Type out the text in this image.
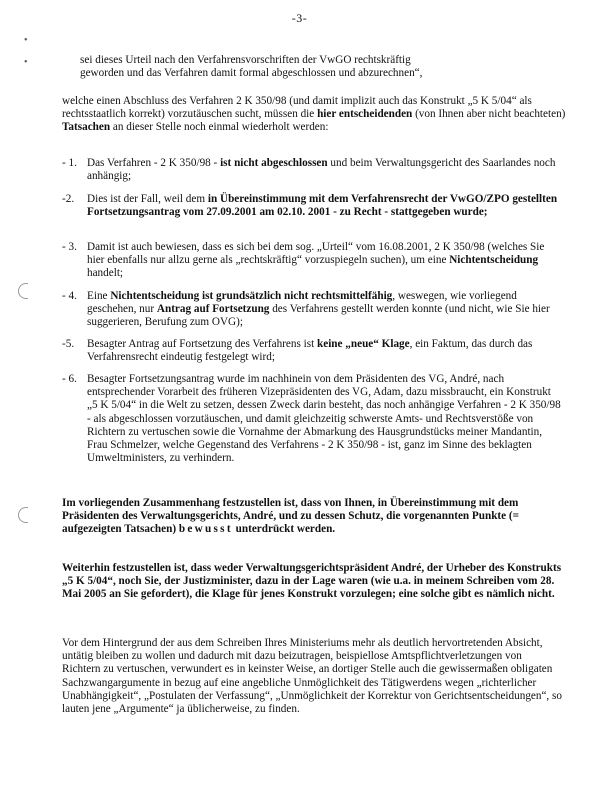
-3-
•
•	sei dieses Urteil nach den Verfahrensvorschriften der VwGO rechtskräftig

geworden und das Verfahren damit formal abgeschlossen und abzurechnen“,

welche einen Abschluss des Verfahren 2 K 350/98 (und damit implizit auch das Konstrukt „5 K 5/04“ als rechtsstaatlich korrekt) vorzutäuschen sucht, müssen die hier entscheidenden (von Ihnen aber nicht beachteten) Tatsachen an dieser Stelle noch einmal wiederholt werden:

- 1. Das Verfahren - 2 K 350/98 - ist nicht abgeschlossen und beim Verwaltungsgericht des Saarlandes noch anhängig;
-2. Dies ist der Fall, weil dem in Übereinstimmung mit dem Verfahrensrecht der VwGO/ZPO gestellten Fortsetzungsantrag vom 27.09.2001 am 02.10. 2001 - zu Recht - stattgegeben wurde;
- 3. Damit ist auch bewiesen, dass es sich bei dem sog. „Urteil“ vom 16.08.2001, 2 K 350/98 (welches Sie hier ebenfalls nur allzu gerne als „rechtskräftig“ vorzuspiegeln suchen), um eine Nichtentscheidung handelt;
- 4. Eine Nichtentscheidung ist grundsätzlich nicht rechtsmittelfähig, weswegen, wie vorliegend geschehen, nur Antrag auf Fortsetzung des Verfahrens gestellt werden konnte (und nicht, wie Sie hier suggerieren, Berufung zum OVG);
-5. Besagter Antrag auf Fortsetzung des Verfahrens ist keine „neue“ Klage, ein Faktum, das durch das Verfahrensrecht eindeutig festgelegt wird;
- 6. Besagter Fortsetzungsantrag wurde im nachhinein von dem Präsidenten des VG, André, nach entsprechender Vorarbeit des früheren Vizepräsidenten des VG, Adam, dazu missbraucht, ein Konstrukt „5 K 5/04“ in die Welt zu setzen, dessen Zweck darin besteht, das noch anhängige Verfahren - 2 K 350/98 - als abgeschlossen vorzutäuschen, und damit gleichzeitig schwerste Amts- und Rechtsverstöße von Richtern zu vertuschen sowie die Vornahme der Abmarkung des Hausgrundstücks meiner Mandantin, Frau Schmelzer, welche Gegenstand des Verfahrens - 2 K 350/98 - ist, ganz im Sinne des beklagten Umweltministers, zu verhindern.

Im vorliegenden Zusammenhang festzustellen ist, dass von Ihnen, in Übereinstimmung mit dem Präsidenten des Verwaltungsgerichts, André, und zu dessen Schutz, die vorgenannten Punkte (= aufgezeigten Tatsachen) bewusst unterdrückt werden.

Weiterhin festzustellen ist, dass weder Verwaltungsgerichtspräsident André, der Urheber des Konstrukts „5 K 5/04“, noch Sie, der Justizminister, dazu in der Lage waren (wie u.a. in meinem Schreiben vom 28. Mai 2005 an Sie gefordert), die Klage für jenes Konstrukt vorzulegen; eine solche gibt es nämlich nicht.

Vor dem Hintergrund der aus dem Schreiben Ihres Ministeriums mehr als deutlich hervortretenden Absicht, untätig bleiben zu wollen und dadurch mit dazu beizutragen, beispiellose Amtspflichtverletzungen von Richtern zu vertuschen, verwundert es in keinster Weise, an dortiger Stelle auch die gewissermaßen obligaten Sachzwangargumente in bezug auf eine angebliche Unmöglichkeit des Tätigwerdens wegen „richterlicher Unabhängigkeit“, „Postulaten der Verfassung“, „Unmöglichkeit der Korrektur von Gerichtsentscheidungen“, so lauten jene „Argumente“ ja üblicherweise, zu finden.
